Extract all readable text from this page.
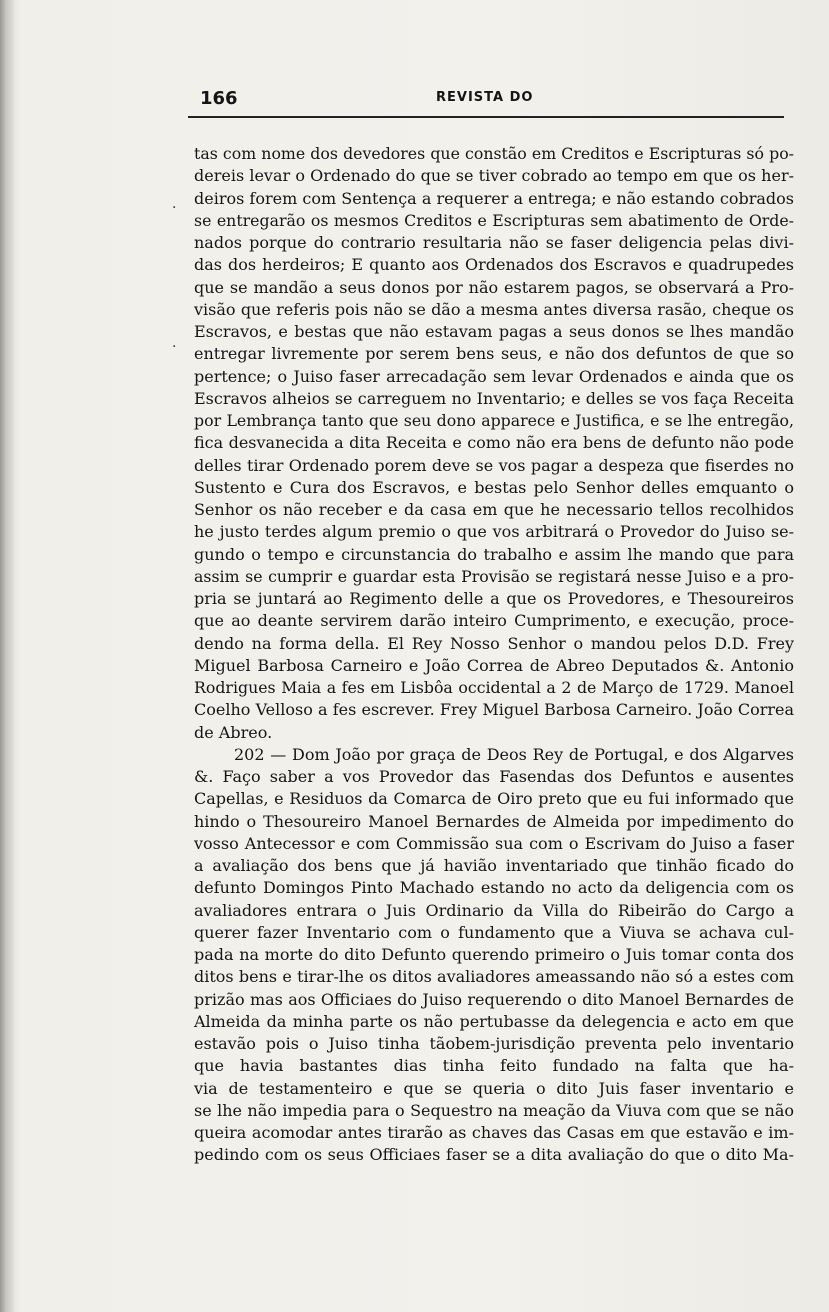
166	REVISTA DO
·
.
tas com nome dos devedores que constão em Creditos e Escripturas só po-
dereis levar o Ordenado do que se tiver cobrado ao tempo em que os her-
deiros forem com Sentença a requerer a entrega; e não estando cobrados
se entregarão os mesmos Creditos e Escripturas sem abatimento de Orde-
nados porque do contrario resultaria não se faser deligencia pelas divi-
das dos herdeiros; E quanto aos Ordenados dos Escravos e quadrupedes
que se mandão a seus donos por não estarem pagos, se observará a Pro-
visão que referis pois não se dão a mesma antes diversa rasão, cheque os
Escravos, e bestas que não estavam pagas a seus donos se lhes mandão
entregar livremente por serem bens seus, e não dos defuntos de que so
pertence; o Juiso faser arrecadação sem levar Ordenados e ainda que os
Escravos alheios se carreguem no Inventario; e delles se vos faça Receita
por Lembrança tanto que seu dono apparece e Justifica, e se lhe entregão,
fica desvanecida a dita Receita e como não era bens de defunto não pode
delles tirar Ordenado porem deve se vos pagar a despeza que fiserdes no
Sustento e Cura dos Escravos, e bestas pelo Senhor delles emquanto o
Senhor os não receber e da casa em que he necessario tellos recolhidos
he justo terdes algum premio o que vos arbitrará o Provedor do Juiso se-
gundo o tempo e circunstancia do trabalho e assim lhe mando que para
assim se cumprir e guardar esta Provisão se registará nesse Juiso e a pro-
pria se juntará ao Regimento delle a que os Provedores, e Thesoureiros
que ao deante servirem darão inteiro Cumprimento, e execução, proce-
dendo na forma della. El Rey Nosso Senhor o mandou pelos D.D. Frey
Miguel Barbosa Carneiro e João Correa de Abreo Deputados &. Antonio
Rodrigues Maia a fes em Lisbôa occidental a 2 de Março de 1729. Manoel
Coelho Velloso a fes escrever. Frey Miguel Barbosa Carneiro. João Correa
de Abreo.
202 — Dom João por graça de Deos Rey de Portugal, e dos Algarves
&. Faço saber a vos Provedor das Fasendas dos Defuntos e ausentes
Capellas, e Residuos da Comarca de Oiro preto que eu fui informado que
hindo o Thesoureiro Manoel Bernardes de Almeida por impedimento do
vosso Antecessor e com Commissão sua com o Escrivam do Juiso a faser
a avaliação dos bens que já havião inventariado que tinhão ficado do
defunto Domingos Pinto Machado estando no acto da deligencia com os
avaliadores entrara o Juis Ordinario da Villa do Ribeirão do Cargo a
querer fazer Inventario com o fundamento que a Viuva se achava cul-
pada na morte do dito Defunto querendo primeiro o Juis tomar conta dos
ditos bens e tirar-lhe os ditos avaliadores ameassando não só a estes com
prizão mas aos Officiaes do Juiso requerendo o dito Manoel Bernardes de
Almeida da minha parte os não pertubasse da delegencia e acto em que
estavão pois o Juiso tinha tãobem-jurisdição preventa pelo inventario
que havia bastantes dias tinha feito fundado na falta que ha-
via de testamenteiro e que se queria o dito Juis faser inventario e
se lhe não impedia para o Sequestro na meação da Viuva com que se não
queira acomodar antes tirarão as chaves das Casas em que estavão e im-
pedindo com os seus Officiaes faser se a dita avaliação do que o dito Ma-
